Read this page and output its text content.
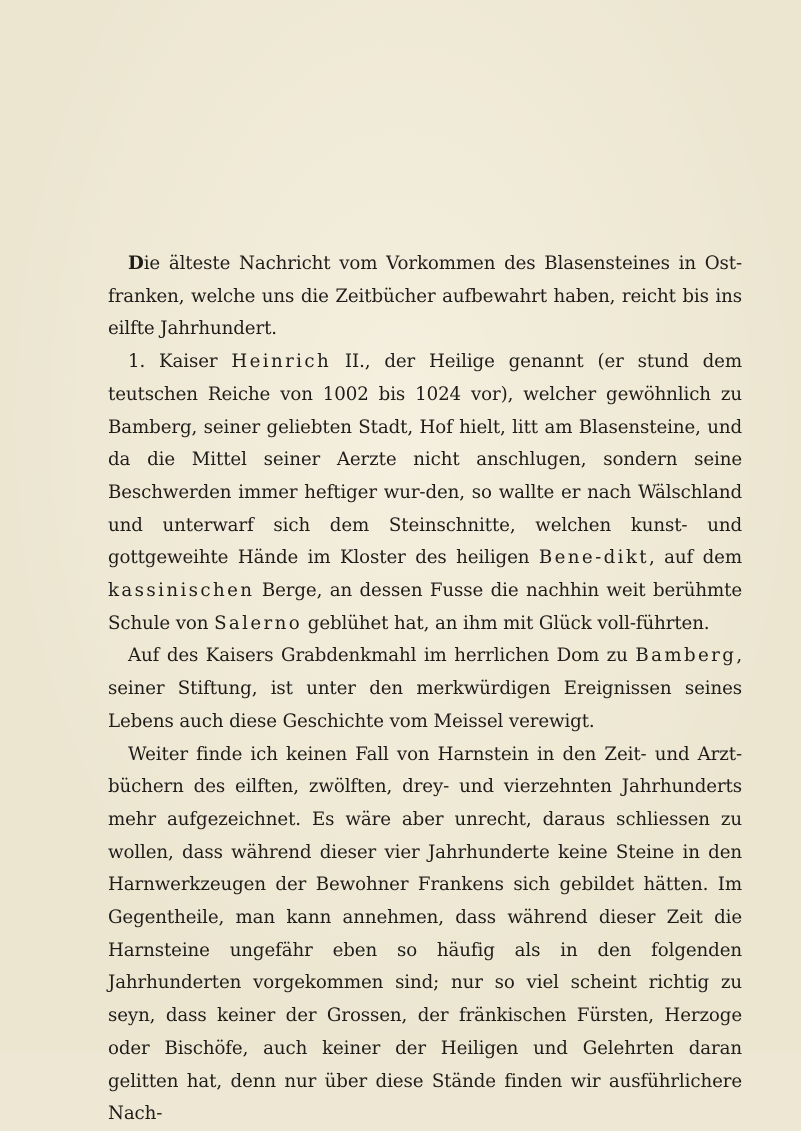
Die älteste Nachricht vom Vorkommen des Blasensteines in Ost-franken, welche uns die Zeitbücher aufbewahrt haben, reicht bis ins eilfte Jahrhundert.

1. Kaiser Heinrich II., der Heilige genannt (er stund dem teutschen Reiche von 1002 bis 1024 vor), welcher gewöhnlich zu Bamberg, seiner geliebten Stadt, Hof hielt, litt am Blasensteine, und da die Mittel seiner Aerzte nicht anschlugen, sondern seine Beschwerden immer heftiger wur-den, so wallte er nach Wälschland und unterwarf sich dem Steinschnitte, welchen kunst- und gottgeweihte Hände im Kloster des heiligen Bene-dikt, auf dem kassinischen Berge, an dessen Fusse die nachhin weit berühmte Schule von Salerno geblühet hat, an ihm mit Glück voll-führten.

Auf des Kaisers Grabdenkmahl im herrlichen Dom zu Bamberg, seiner Stiftung, ist unter den merkwürdigen Ereignissen seines Lebens auch diese Geschichte vom Meissel verewigt.

Weiter finde ich keinen Fall von Harnstein in den Zeit- und Arzt-büchern des eilften, zwölften, drey- und vierzehnten Jahrhunderts mehr aufgezeichnet. Es wäre aber unrecht, daraus schliessen zu wollen, dass während dieser vier Jahrhunderte keine Steine in den Harnwerkzeugen der Bewohner Frankens sich gebildet hätten. Im Gegentheile, man kann annehmen, dass während dieser Zeit die Harnsteine ungefähr eben so häufig als in den folgenden Jahrhunderten vorgekommen sind; nur so viel scheint richtig zu seyn, dass keiner der Grossen, der fränkischen Fürsten, Herzoge oder Bischöfe, auch keiner der Heiligen und Gelehrten daran gelitten hat, denn nur über diese Stände finden wir ausführlichere Nach-
